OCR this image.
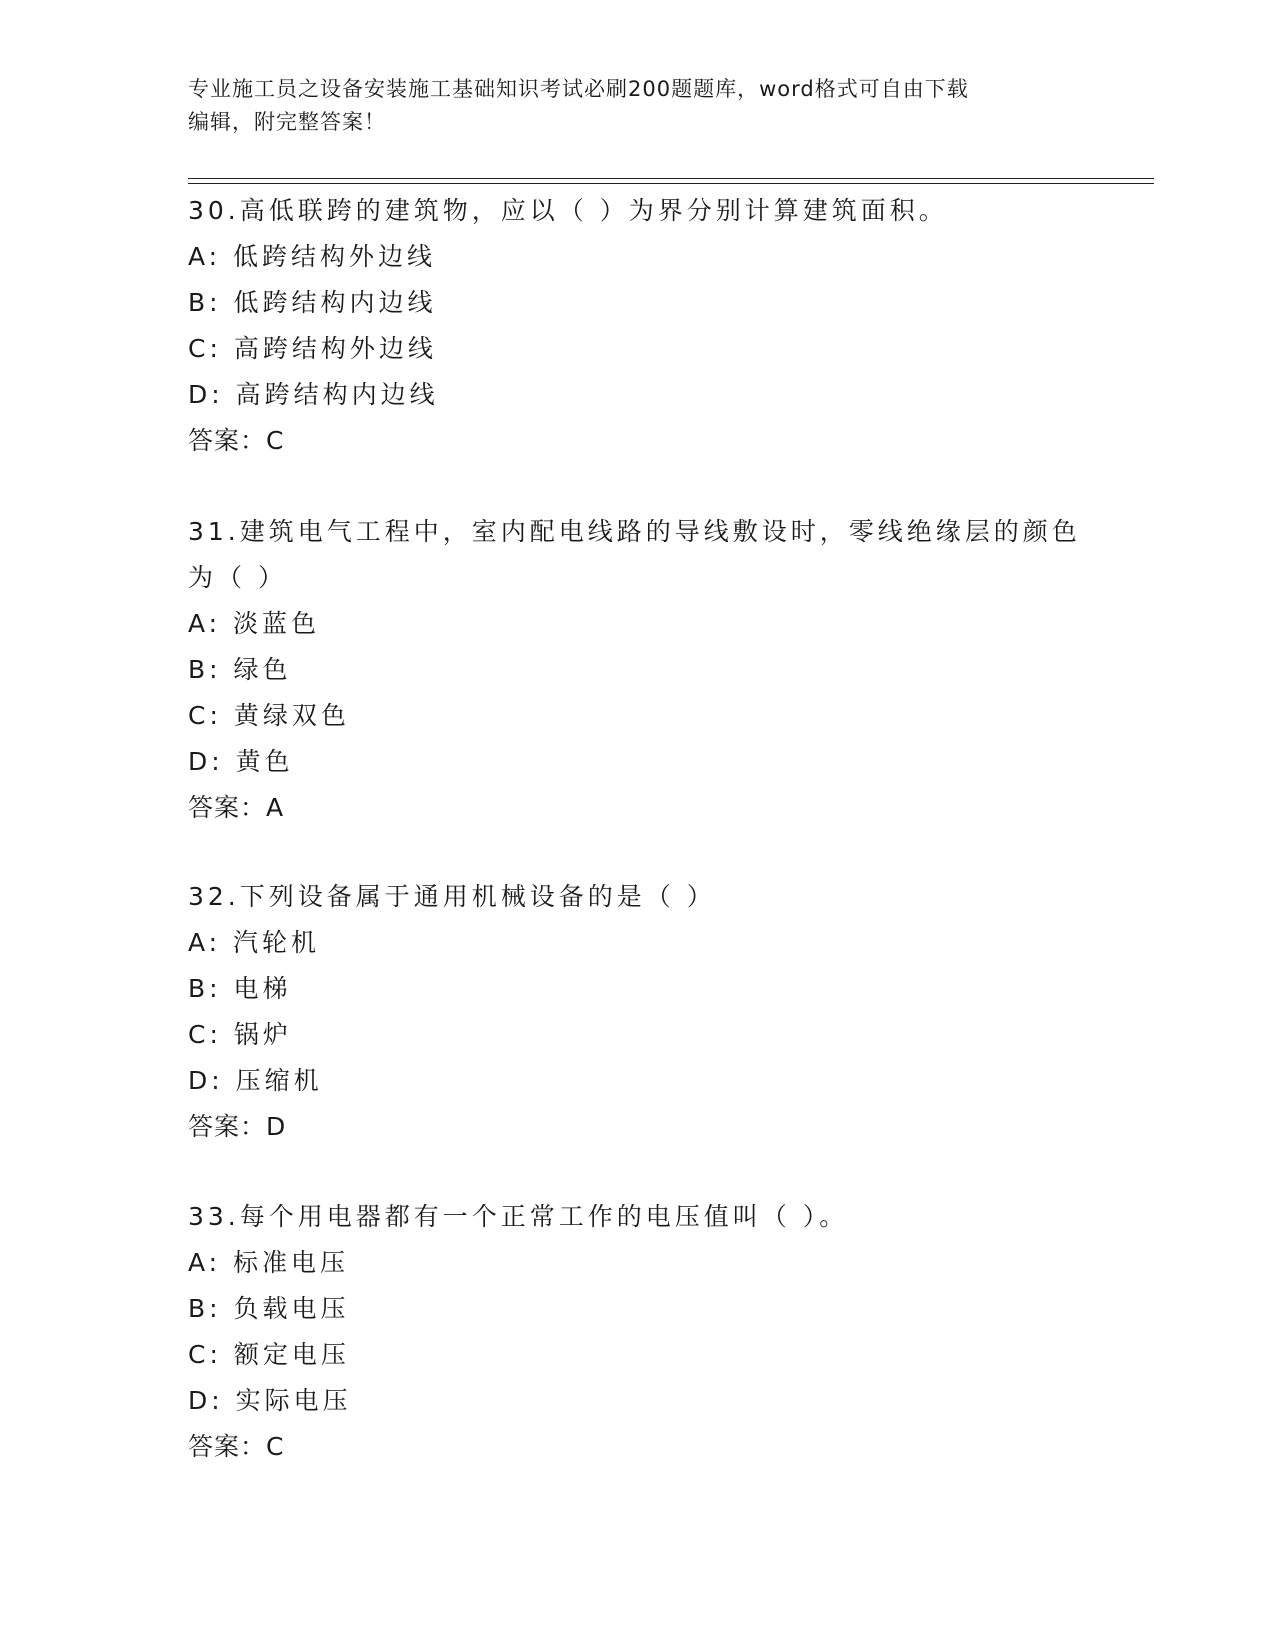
专业施工员之设备安装施工基础知识考试必刷200题题库，word格式可自由下载
编辑，附完整答案！
30.高低联跨的建筑物，应以（ ）为界分别计算建筑面积。
A: 低跨结构外边线
B: 低跨结构内边线
C: 高跨结构外边线
D: 高跨结构内边线
答案：C
31.建筑电气工程中，室内配电线路的导线敷设时，零线绝缘层的颜色
为（ ）
A: 淡蓝色
B: 绿色
C: 黄绿双色
D: 黄色
答案：A
32.下列设备属于通用机械设备的是（ ）
A: 汽轮机
B: 电梯
C: 锅炉
D: 压缩机
答案：D
33.每个用电器都有一个正常工作的电压值叫（ ）。
A: 标准电压
B: 负载电压
C: 额定电压
D: 实际电压
答案：C
